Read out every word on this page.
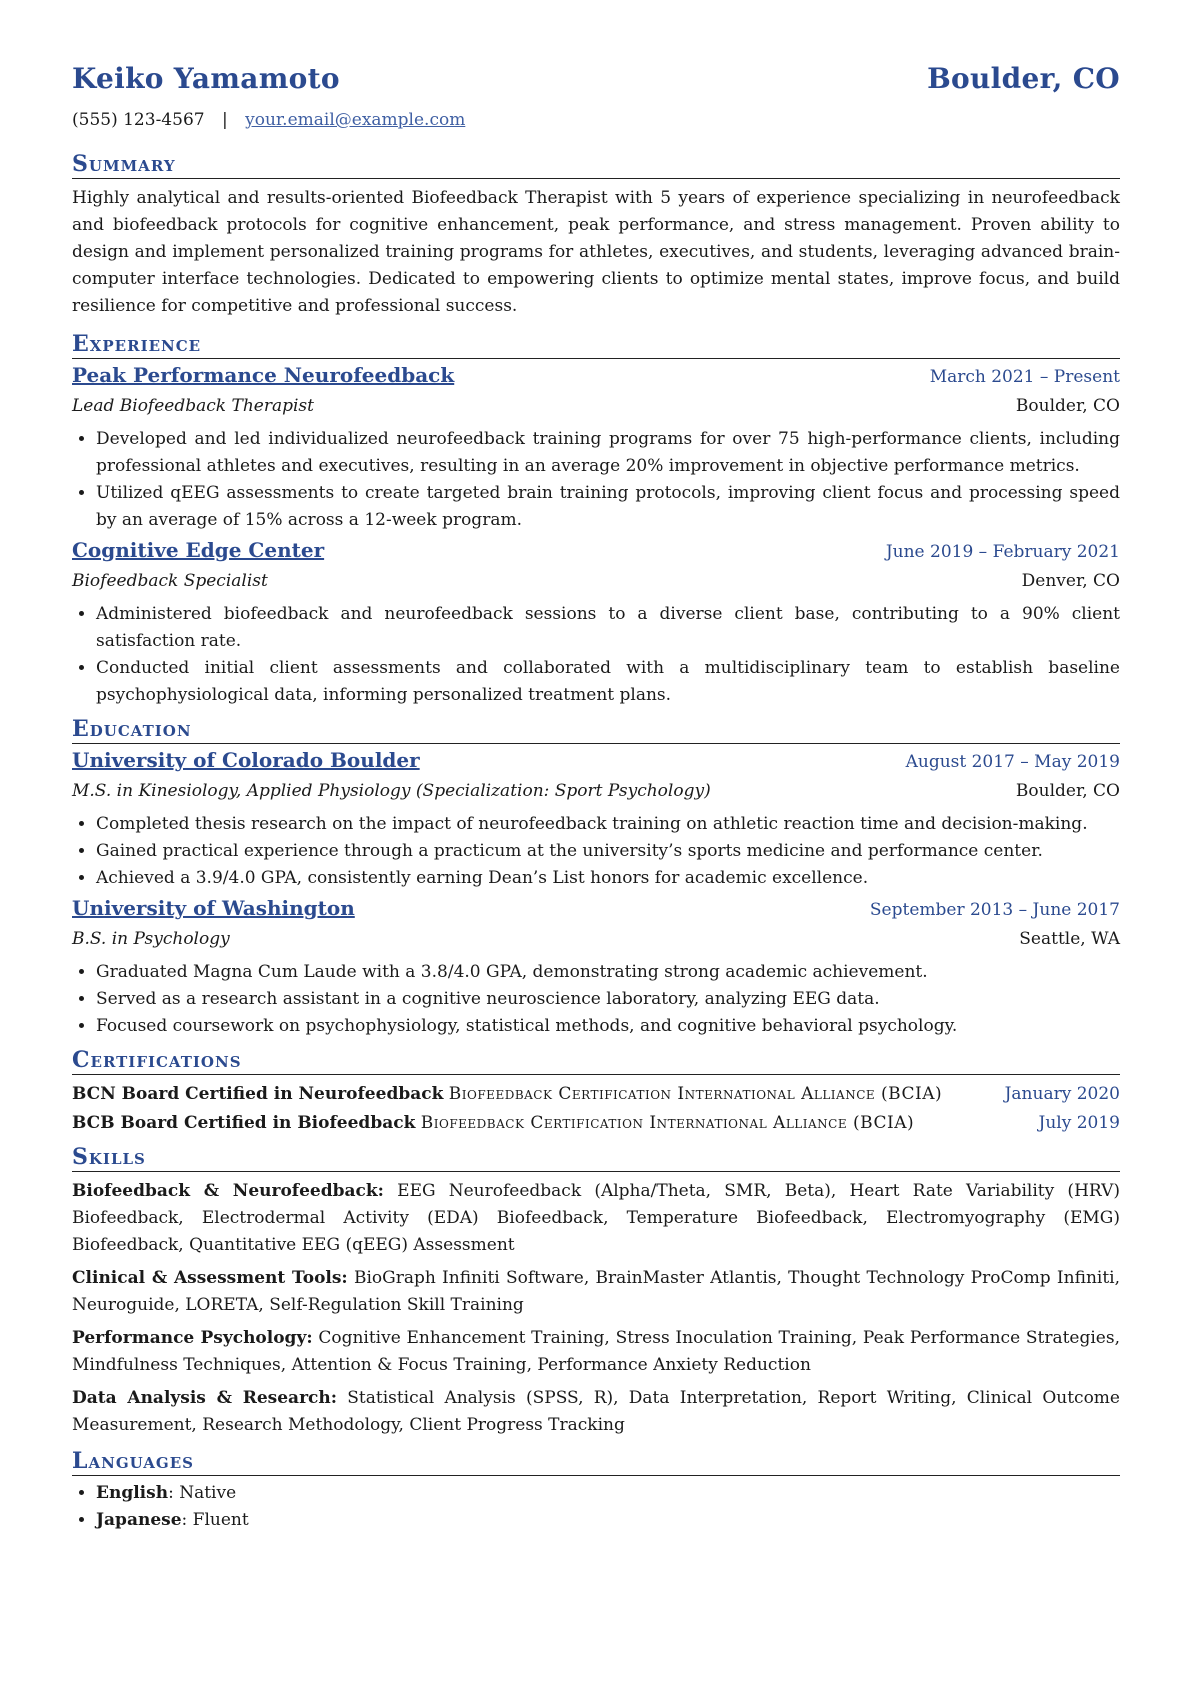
Keiko Yamamoto	Boulder, CO
(555) 123-4567 | your.email@example.com
Summary

Highly analytical and results-oriented Biofeedback Therapist with 5 years of experience specializing in neurofeedback and biofeedback protocols for cognitive enhancement, peak performance, and stress management. Proven ability to design and implement personalized training programs for athletes, executives, and students, leveraging advanced brain-computer interface technologies. Dedicated to empowering clients to optimize mental states, improve focus, and build resilience for competitive and professional success.

Experience
Peak Performance Neurofeedback	March 2021 – Present
Lead Biofeedback Therapist	Boulder, CO
• Developed and led individualized neurofeedback training programs for over 75 high-performance clients, including professional athletes and executives, resulting in an average 20% improvement in objective performance metrics.
• Utilized qEEG assessments to create targeted brain training protocols, improving client focus and processing speed by an average of 15% across a 12-week program.
Cognitive Edge Center	June 2019 – February 2021
Biofeedback Specialist	Denver, CO
• Administered biofeedback and neurofeedback sessions to a diverse client base, contributing to a 90% client satisfaction rate.
• Conducted initial client assessments and collaborated with a multidisciplinary team to establish baseline psychophysiological data, informing personalized treatment plans.
Education
University of Colorado Boulder	August 2017 – May 2019
M.S. in Kinesiology, Applied Physiology (Specialization: Sport Psychology)	Boulder, CO
• Completed thesis research on the impact of neurofeedback training on athletic reaction time and decision-making.
• Gained practical experience through a practicum at the university’s sports medicine and performance center.
• Achieved a 3.9/4.0 GPA, consistently earning Dean’s List honors for academic excellence.
University of Washington	September 2013 – June 2017
B.S. in Psychology	Seattle, WA
• Graduated Magna Cum Laude with a 3.8/4.0 GPA, demonstrating strong academic achievement.
• Served as a research assistant in a cognitive neuroscience laboratory, analyzing EEG data.
• Focused coursework on psychophysiology, statistical methods, and cognitive behavioral psychology.
Certifications
BCN Board Certified in Neurofeedback Biofeedback Certification International Alliance (BCIA)	January 2020
BCB Board Certified in Biofeedback Biofeedback Certification International Alliance (BCIA)	July 2019
Skills
Biofeedback & Neurofeedback: EEG Neurofeedback (Alpha/Theta, SMR, Beta), Heart Rate Variability (HRV) Biofeedback, Electrodermal Activity (EDA) Biofeedback, Temperature Biofeedback, Electromyography (EMG) Biofeedback, Quantitative EEG (qEEG) Assessment
Clinical & Assessment Tools: BioGraph Infiniti Software, BrainMaster Atlantis, Thought Technology ProComp Infiniti, Neuroguide, LORETA, Self-Regulation Skill Training
Performance Psychology: Cognitive Enhancement Training, Stress Inoculation Training, Peak Performance Strategies, Mindfulness Techniques, Attention & Focus Training, Performance Anxiety Reduction
Data Analysis & Research: Statistical Analysis (SPSS, R), Data Interpretation, Report Writing, Clinical Outcome Measurement, Research Methodology, Client Progress Tracking
Languages
• English: Native
• Japanese: Fluent
